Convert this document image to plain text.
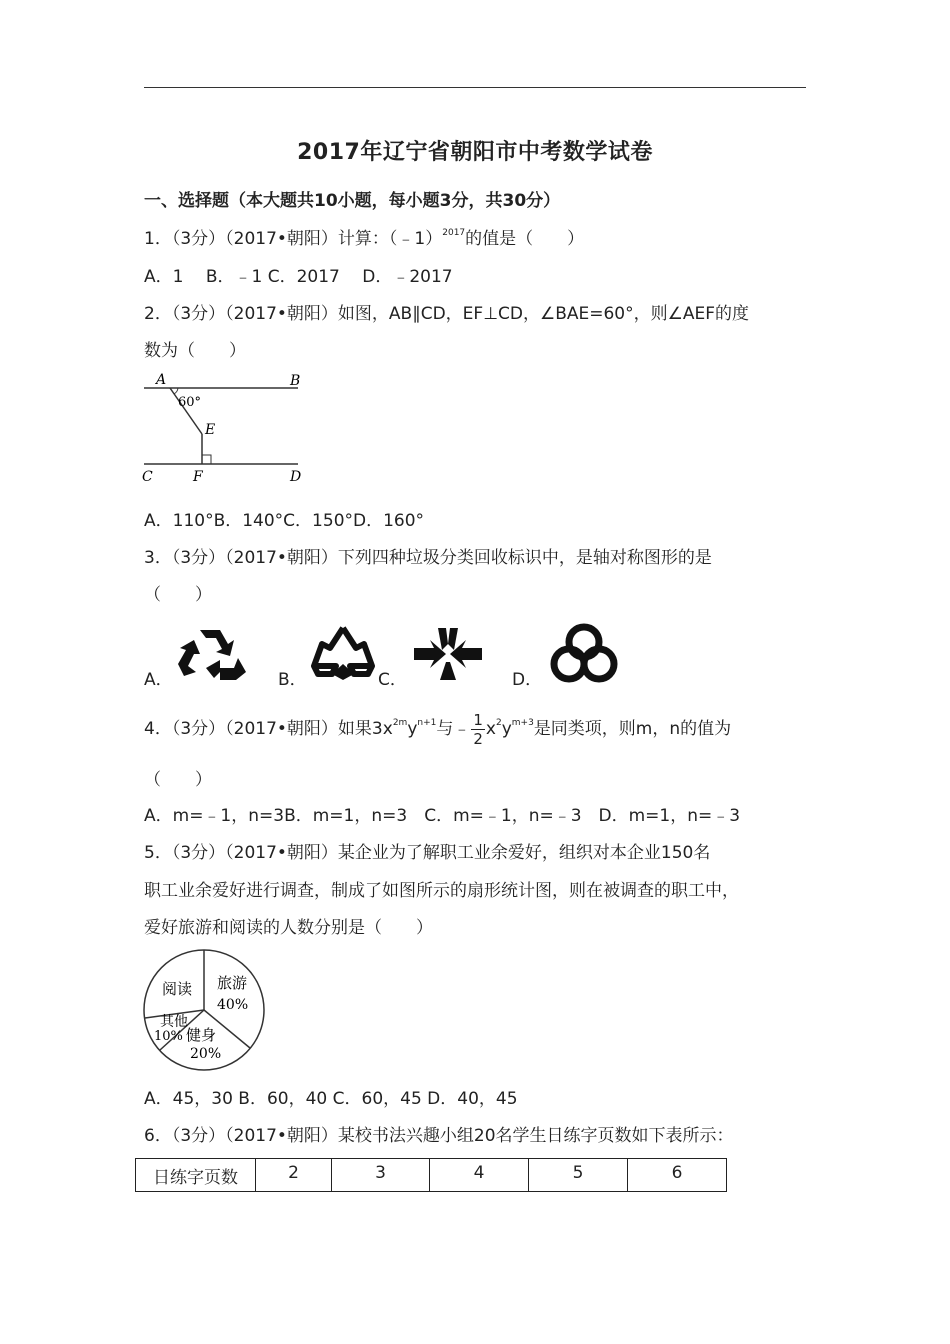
2017年辽宁省朝阳市中考数学试卷
一、选择题（本大题共10小题，每小题3分，共30分）
1．（3分）（2017•朝阳）计算：（﹣1）$^{2017}$的值是（　　）
A．1　 B．﹣1 C．2017　 D．﹣2017
2．（3分）（2017•朝阳）如图，AB∥CD，EF⊥CD，∠BAE=60°，则∠AEF的度
数为（　　）
A	B
60°
E
C	F	D
A．110°B．140°C．150°D．160°
3．（3分）（2017•朝阳）下列四种垃圾分类回收标识中，是轴对称图形的是
（　　）
A．	B．	C．	D．
4．（3分）（2017•朝阳）如果$3x^{2m}y^{n+1}$与﹣ $\frac{1}{2} x^2y^{m+3}$是同类项，则m，n的值为
（　　）
A．m=﹣1，n=3B．m=1，n=3　C．m=﹣1，n=﹣3　D．m=1，n=﹣3
5．（3分）（2017•朝阳）某企业为了解职工业余爱好，组织对本企业150名
职工业余爱好进行调查，制成了如图所示的扇形统计图，则在被调查的职工中，
爱好旅游和阅读的人数分别是（　　）
阅读 旅游
40%
其他
10% 健身
20%
A．45，30 B．60，40 C．60，45 D．40，45
6．（3分）（2017•朝阳）某校书法兴趣小组20名学生日练字页数如下表所示：
日练字页数	2	3	4	5	6
